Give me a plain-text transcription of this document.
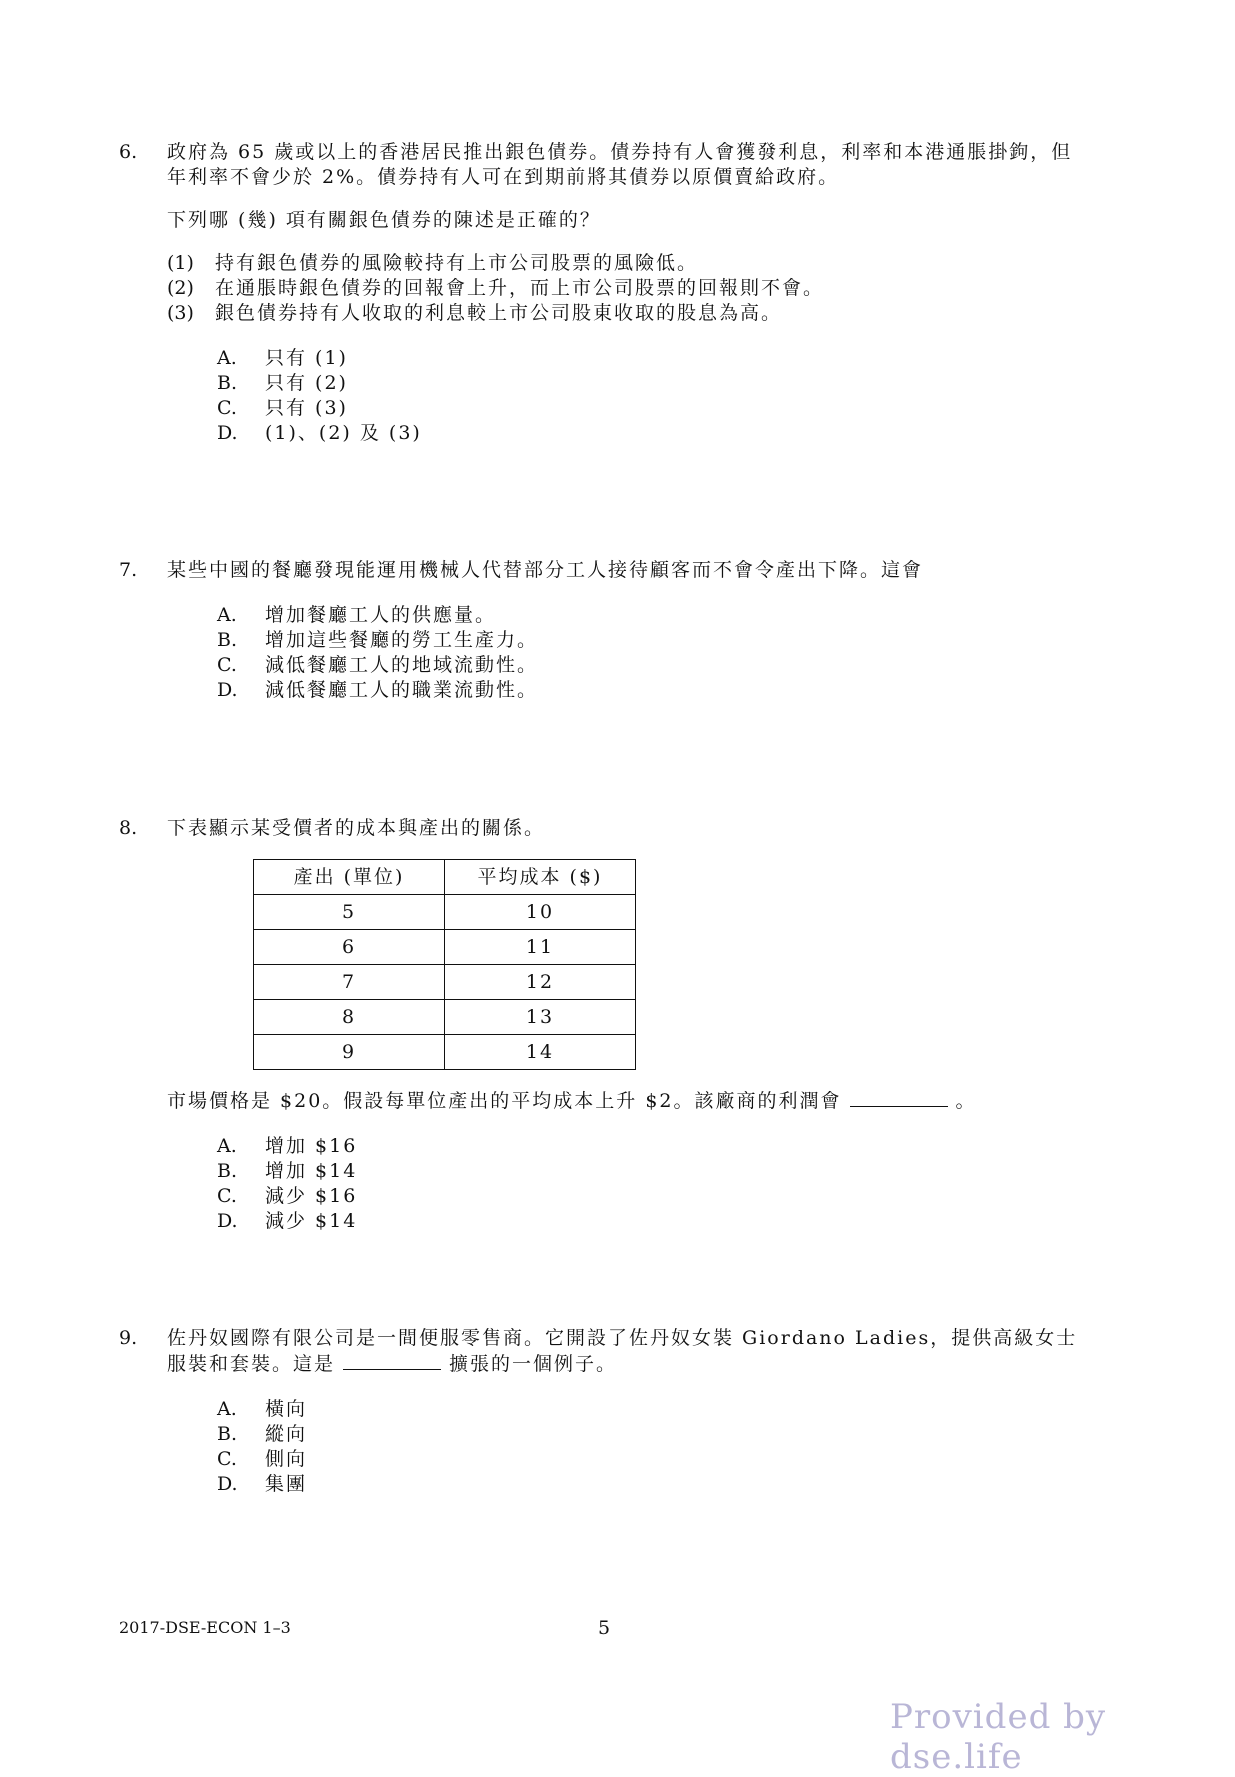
6. 政府為 65 歲或以上的香港居民推出銀色債券。債券持有人會獲發利息，利率和本港通脹掛鉤，但年利率不會少於 2%。債券持有人可在到期前將其債券以原價賣給政府。

下列哪 (幾) 項有關銀色債券的陳述是正確的？

(1)	持有銀色債券的風險較持有上市公司股票的風險低。
(2)	在通脹時銀色債券的回報會上升，而上市公司股票的回報則不會。
(3)	銀色債券持有人收取的利息較上市公司股東收取的股息為高。
A.	只有 (1)
B.	只有 (2)
C.	只有 (3)
D.	(1)、(2) 及 (3)
7. 某些中國的餐廳發現能運用機械人代替部分工人接待顧客而不會令產出下降。這會

A.	增加餐廳工人的供應量。
B.	增加這些餐廳的勞工生產力。
C.	減低餐廳工人的地域流動性。
D.	減低餐廳工人的職業流動性。
8. 下表顯示某受價者的成本與產出的關係。

產出 (單位)	平均成本 ($)
5	10
6	11
7	12
8	13
9	14

市場價格是 $20。假設每單位產出的平均成本上升 $2。該廠商的利潤會	。

A.	增加 $16
B.	增加 $14
C.	減少 $16
D.	減少 $14
9. 佐丹奴國際有限公司是一間便服零售商。它開設了佐丹奴女裝 Giordano Ladies，提供高級女士服裝和套裝。這是	擴張的一個例子。

A.	橫向
B.	縱向
C.	側向
D.	集團
2017-DSE-ECON 1–3	5
Provided by dse.life
